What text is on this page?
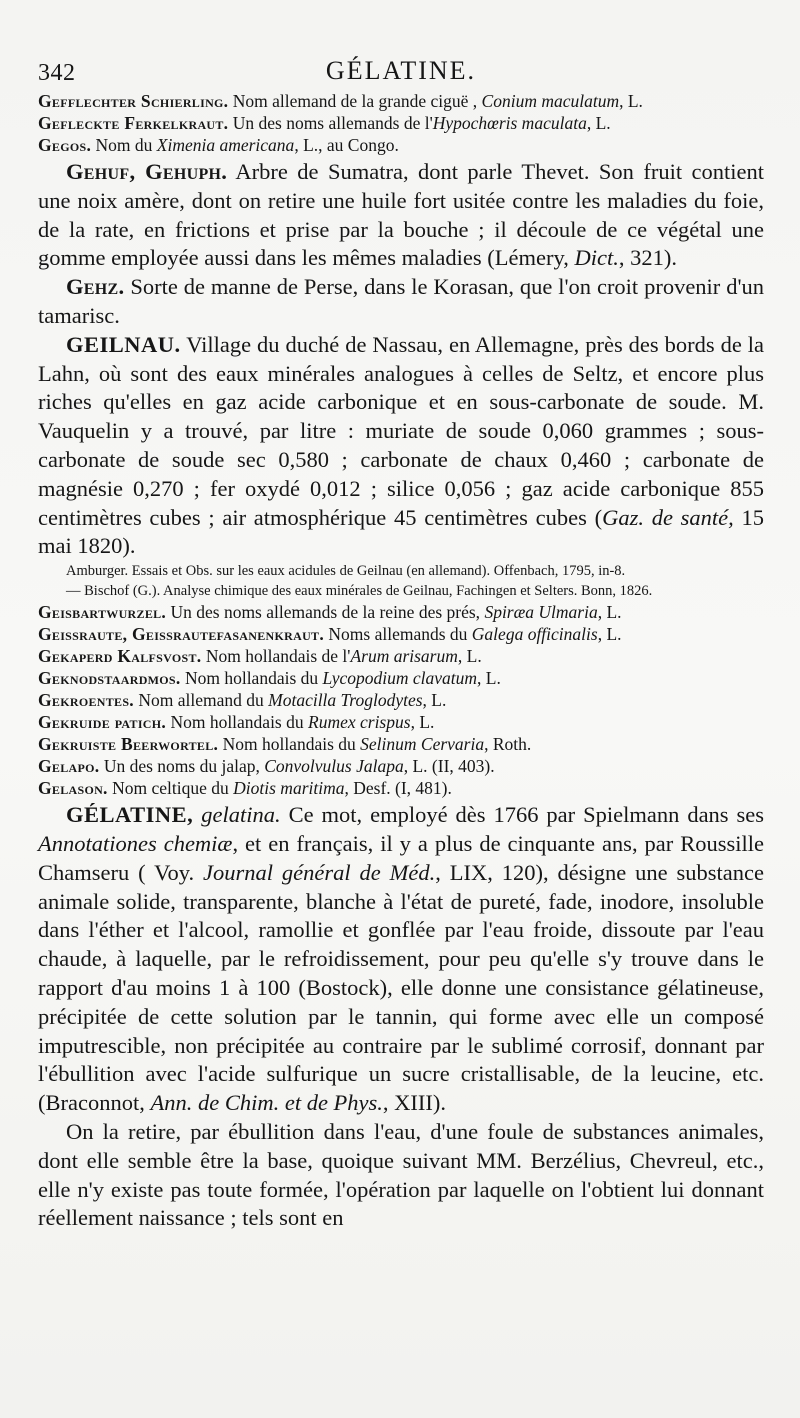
342	GÉLATINE.

Gefflechter Schierling. Nom allemand de la grande ciguë , Conium maculatum, L.

Gefleckte Ferkelkraut. Un des noms allemands de l'Hypochœris maculata, L.

Gegos. Nom du Ximenia americana, L., au Congo.

Gehuf, Gehuph. Arbre de Sumatra, dont parle Thevet. Son fruit contient une noix amère, dont on retire une huile fort usitée contre les maladies du foie, de la rate, en frictions et prise par la bouche ; il découle de ce végétal une gomme employée aussi dans les mêmes maladies (Lémery, Dict., 321).

Gehz. Sorte de manne de Perse, dans le Korasan, que l'on croit provenir d'un tamarisc.

GEILNAU. Village du duché de Nassau, en Allemagne, près des bords de la Lahn, où sont des eaux minérales analogues à celles de Seltz, et encore plus riches qu'elles en gaz acide carbonique et en sous-carbonate de soude. M. Vauquelin y a trouvé, par litre : muriate de soude 0,060 grammes ; sous-carbonate de soude sec 0,580 ; carbonate de chaux 0,460 ; carbonate de magnésie 0,270 ; fer oxydé 0,012 ; silice 0,056 ; gaz acide carbonique 855 centimètres cubes ; air atmosphérique 45 centimètres cubes (Gaz. de santé, 15 mai 1820).

Amburger. Essais et Obs. sur les eaux acidules de Geilnau (en allemand). Offenbach, 1795, in-8.

— Bischof (G.). Analyse chimique des eaux minérales de Geilnau, Fachingen et Selters. Bonn, 1826.

Geisbartwurzel. Un des noms allemands de la reine des prés, Spiræa Ulmaria, L.

Geissraute, Geissrautefasanenkraut. Noms allemands du Galega officinalis, L.

Gekaperd Kalfsvost. Nom hollandais de l'Arum arisarum, L.

Geknodstaardmos. Nom hollandais du Lycopodium clavatum, L.

Gekroentes. Nom allemand du Motacilla Troglodytes, L.

Gekruide patich. Nom hollandais du Rumex crispus, L.

Gekruiste Beerwortel. Nom hollandais du Selinum Cervaria, Roth.

Gelapo. Un des noms du jalap, Convolvulus Jalapa, L. (II, 403).

Gelason. Nom celtique du Diotis maritima, Desf. (I, 481).

GÉLATINE, gelatina. Ce mot, employé dès 1766 par Spielmann dans ses Annotationes chemiæ, et en français, il y a plus de cinquante ans, par Roussille Chamseru ( Voy. Journal général de Méd., LIX, 120), désigne une substance animale solide, transparente, blanche à l'état de pureté, fade, inodore, insoluble dans l'éther et l'alcool, ramollie et gonflée par l'eau froide, dissoute par l'eau chaude, à laquelle, par le refroidissement, pour peu qu'elle s'y trouve dans le rapport d'au moins 1 à 100 (Bostock), elle donne une consistance gélatineuse, précipitée de cette solution par le tannin, qui forme avec elle un composé imputrescible, non précipitée au contraire par le sublimé corrosif, donnant par l'ébullition avec l'acide sulfurique un sucre cristallisable, de la leucine, etc. (Braconnot, Ann. de Chim. et de Phys., XIII).

On la retire, par ébullition dans l'eau, d'une foule de substances animales, dont elle semble être la base, quoique suivant MM. Berzélius, Chevreul, etc., elle n'y existe pas toute formée, l'opération par laquelle on l'obtient lui donnant réellement naissance ; tels sont en
